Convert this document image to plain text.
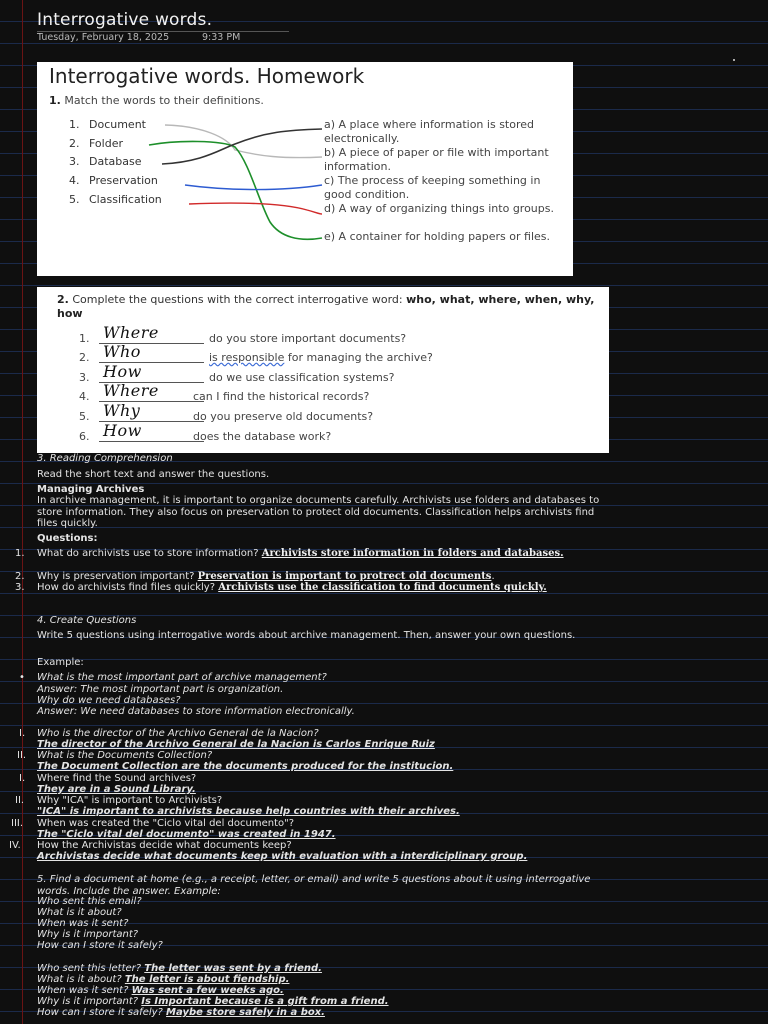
Interrogative words.
Tuesday, February 18, 2025	9:33 PM
Interrogative words. Homework
1. Match the words to their definitions.
1. Document
2. Folder
3. Database
4. Preservation
5. Classification
a) A place where information is stored electronically.
b) A piece of paper or file with important information.
c) The process of keeping something in good condition.
d) A way of organizing things into groups.
e) A container for holding papers or files.
2. Complete the questions with the correct interrogative word: who, what, where, when, why, how
1. Where	do you store important documents?
2. Who	is responsible for managing the archive?
3. How	do we use classification systems?
4. Where	can I find the historical records?
5. Why	do you preserve old documents?
6. How	does the database work?
3. Reading Comprehension
Read the short text and answer the questions.
Managing Archives
In archive management, it is important to organize documents carefully. Archivists use folders and databases to store information. They also focus on preservation to protect old documents. Classification helps archivists find files quickly.
Questions:
1. What do archivists use to store information? Archivists store information in folders and databases.
2. Why is preservation important? Preservation is important to protrect old documents.
3. How do archivists find files quickly? Archivists use the classification to find documents quickly.
4. Create Questions
Write 5 questions using interrogative words about archive management. Then, answer your own questions.
Example:
• What is the most important part of archive management?
Answer: The most important part is organization.
Why do we need databases?
Answer: We need databases to store information electronically.
I. Who is the director of the Archivo General de la Nacion?
The director of the Archivo General de la Nacion is Carlos Enrique Ruiz
II. What is the Documents Collection?
The Document Collection are the documents produced for the institucion.
I. Where find the Sound archives?
They are in a Sound Library.
II. Why "ICA" is important to Archivists?
"ICA" is important to archivists because help countries with their archives.
III. When was created the "Ciclo vital del documento"?
The "Ciclo vital del documento" was created in 1947.
IV. How the Archivistas decide what documents keep?
Archivistas decide what documents keep with evaluation with a interdiciplinary group.
5. Find a document at home (e.g., a receipt, letter, or email) and write 5 questions about it using interrogative words. Include the answer. Example:
Who sent this email?
What is it about?
When was it sent?
Why is it important?
How can I store it safely?
Who sent this letter? The letter was sent by a friend.
What is it about? The letter is about fiendship.
When was it sent? Was sent a few weeks ago.
Why is it important? Is Important because is a gift from a friend.
How can I store it safely? Maybe store safely in a box.
